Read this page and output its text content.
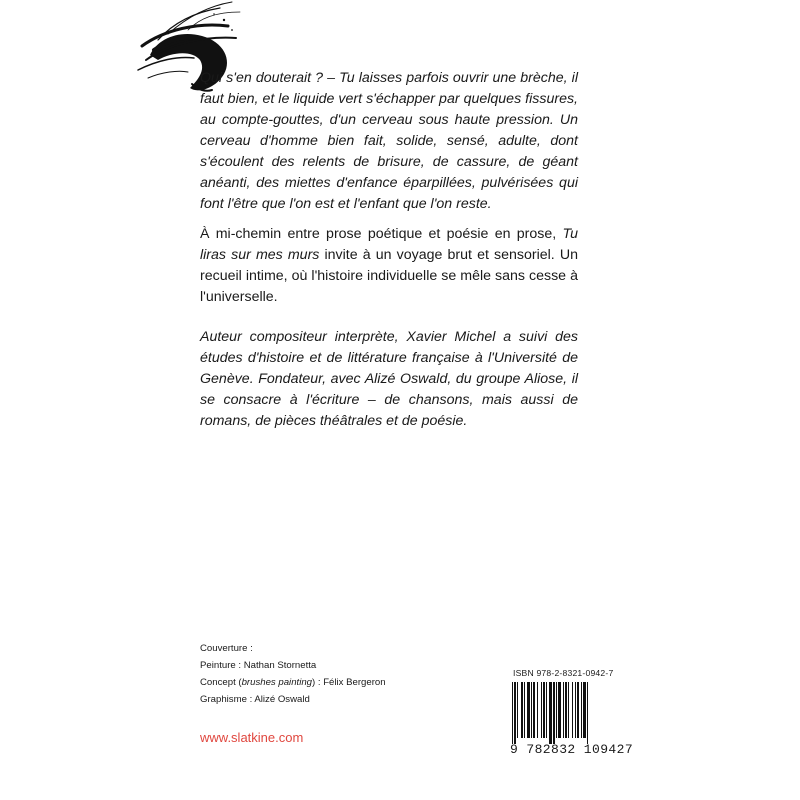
Qui s'en douterait ? – Tu laisses parfois ouvrir une brèche, il faut bien, et le liquide vert s'échapper par quelques fissures, au compte-gouttes, d'un cerveau sous haute pression. Un cerveau d'homme bien fait, solide, sensé, adulte, dont s'écoulent des relents de brisure, de cassure, de géant anéanti, des miettes d'enfance éparpillées, pulvérisées qui font l'être que l'on est et l'enfant que l'on reste.

À mi-chemin entre prose poétique et poésie en prose, Tu liras sur mes murs invite à un voyage brut et sensoriel. Un recueil intime, où l'histoire individuelle se mêle sans cesse à l'universelle.

Auteur compositeur interprète, Xavier Michel a suivi des études d'histoire et de littérature française à l'Université de Genève. Fondateur, avec Alizé Oswald, du groupe Aliose, il se consacre à l'écriture – de chansons, mais aussi de romans, de pièces théâtrales et de poésie.

Couverture :
Peinture : Nathan Stornetta
Concept (brushes painting) : Félix Bergeron
Graphisme : Alizé Oswald
www.slatkine.com
ISBN 978-2-8321-0942-7
9 782832 109427
